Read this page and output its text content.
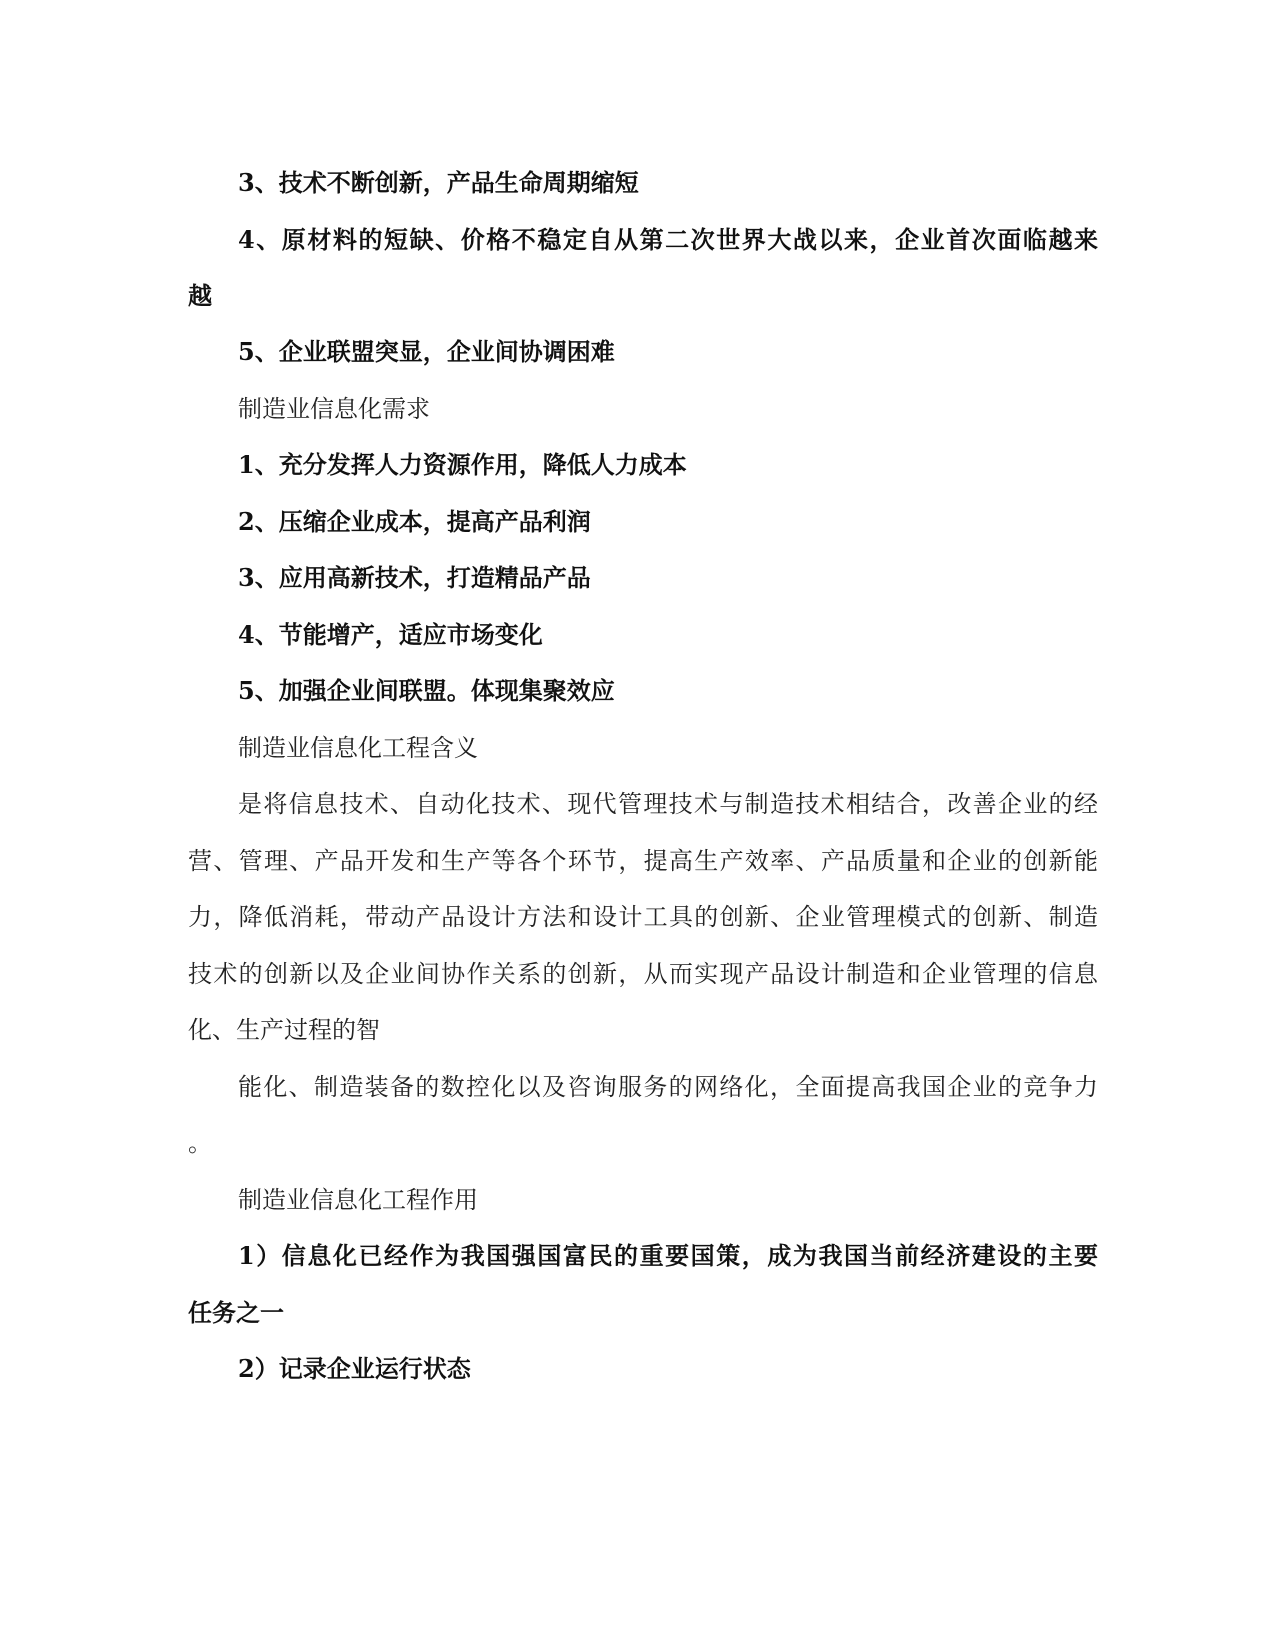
3、技术不断创新，产品生命周期缩短
4、原材料的短缺、价格不稳定自从第二次世界大战以来，企业首次面临越来
越
5、企业联盟突显，企业间协调困难
制造业信息化需求
1、充分发挥人力资源作用，降低人力成本
2、压缩企业成本，提高产品利润
3、应用高新技术，打造精品产品
4、节能增产，适应市场变化
5、加强企业间联盟。体现集聚效应
制造业信息化工程含义
是将信息技术、自动化技术、现代管理技术与制造技术相结合，改善企业的经
营、管理、产品开发和生产等各个环节，提高生产效率、产品质量和企业的创新能
力，降低消耗，带动产品设计方法和设计工具的创新、企业管理模式的创新、制造
技术的创新以及企业间协作关系的创新，从而实现产品设计制造和企业管理的信息
化、生产过程的智
能化、制造装备的数控化以及咨询服务的网络化，全面提高我国企业的竞争力
。
制造业信息化工程作用
1）信息化已经作为我国强国富民的重要国策，成为我国当前经济建设的主要
任务之一
2）记录企业运行状态
